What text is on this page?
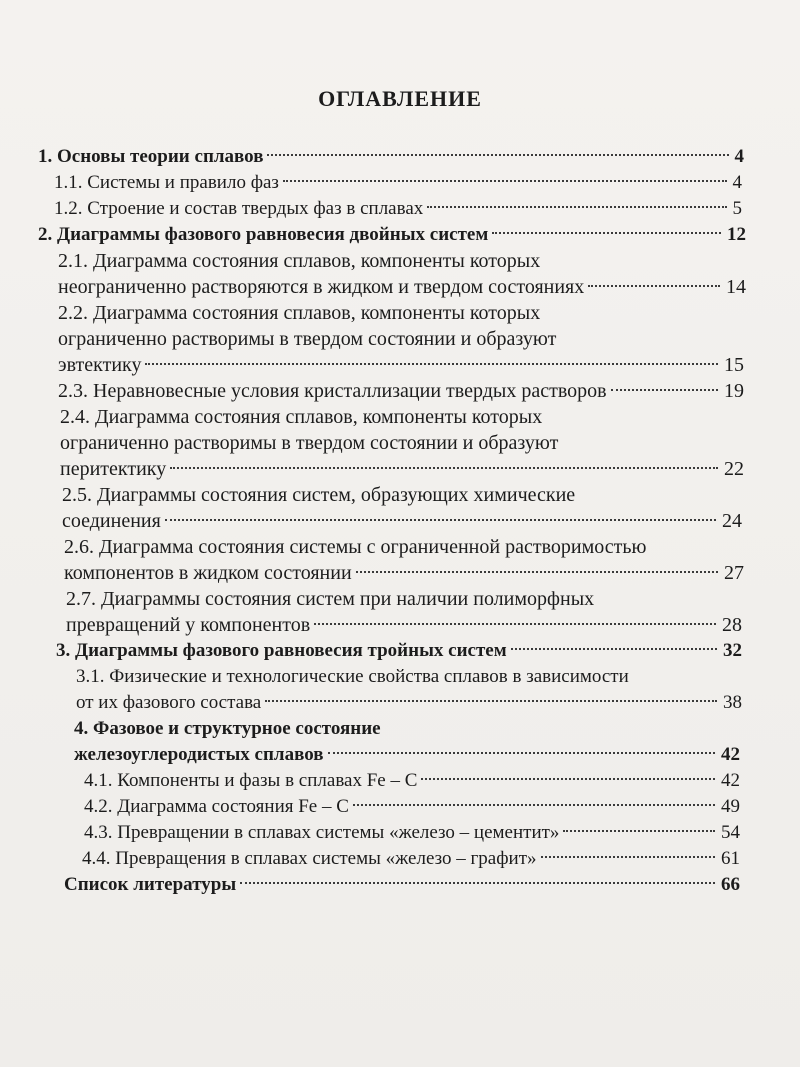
ОГЛАВЛЕНИЕ
1. Основы теории сплавов	4
1.1. Системы и правило фаз	4
1.2. Строение и состав твердых фаз в сплавах	5
2. Диаграммы фазового равновесия двойных систем	12
2.1. Диаграмма состояния сплавов, компоненты которых
неограниченно растворяются в жидком и твердом состояниях	14
2.2. Диаграмма состояния сплавов, компоненты которых
ограниченно растворимы в твердом состоянии и образуют
эвтектику	15
2.3. Неравновесные условия кристаллизации твердых растворов	19
2.4. Диаграмма состояния сплавов, компоненты которых
ограниченно растворимы в твердом состоянии и образуют
перитектику	22
2.5. Диаграммы состояния систем, образующих химические
соединения	24
2.6. Диаграмма состояния системы с ограниченной растворимостью
компонентов в жидком состоянии	27
2.7. Диаграммы состояния систем при наличии полиморфных
превращений у компонентов	28
3. Диаграммы фазового равновесия тройных систем	32
3.1. Физические и технологические свойства сплавов в зависимости
от их фазового состава	38
4. Фазовое и структурное состояние
железоуглеродистых сплавов	42
4.1. Компоненты и фазы в сплавах Fe – C	42
4.2. Диаграмма состояния Fe – C	49
4.3. Превращении в сплавах системы «железо – цементит»	54
4.4. Превращения в сплавах системы «железо – графит»	61
Список литературы	66
